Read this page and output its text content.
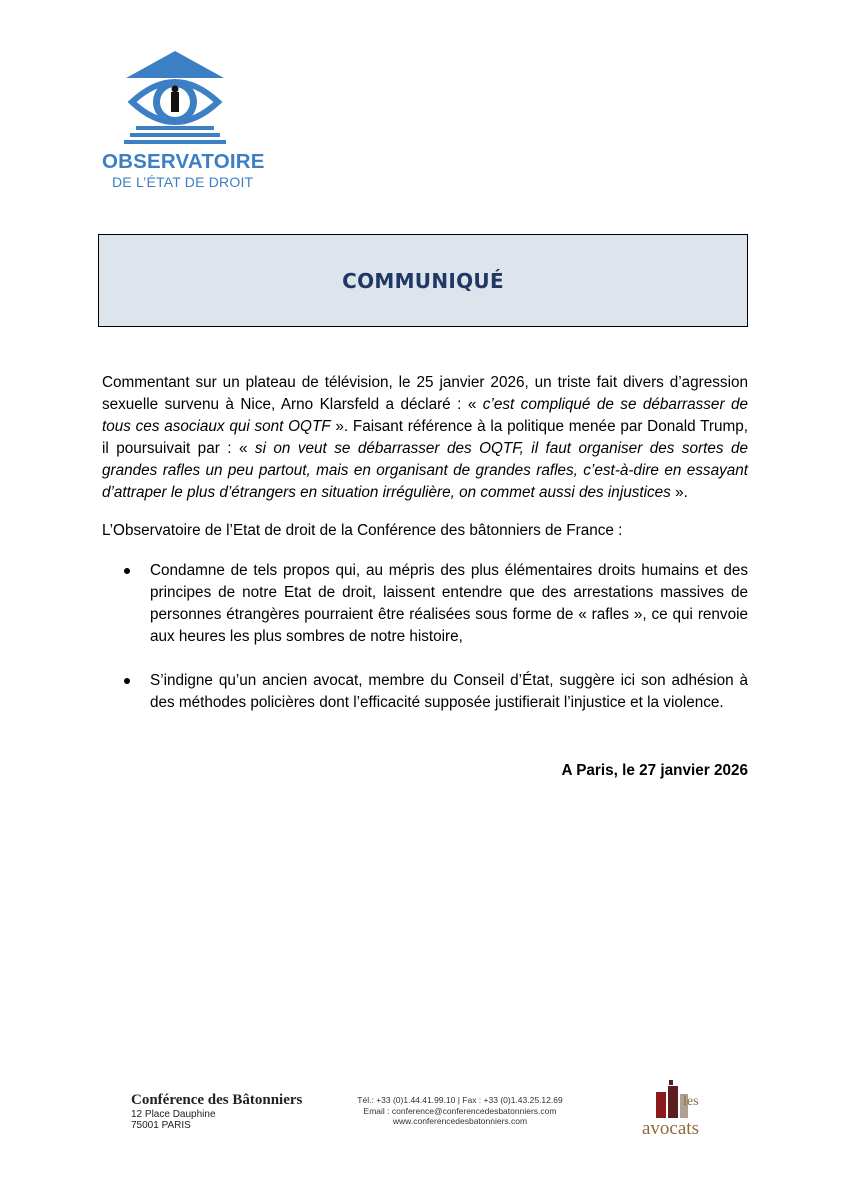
OBSERVATOIRE
DE L’ÉTAT DE DROIT
COMMUNIQUÉ

Commentant sur un plateau de télévision, le 25 janvier 2026, un triste fait divers d’agression sexuelle survenu à Nice, Arno Klarsfeld a déclaré : « c’est compliqué de se débarrasser de tous ces asociaux qui sont OQTF ». Faisant référence à la politique menée par Donald Trump, il poursuivait par : « si on veut se débarrasser des OQTF, il faut organiser des sortes de grandes rafles un peu partout, mais en organisant de grandes rafles, c’est-à-dire en essayant d’attraper le plus d’étrangers en situation irrégulière, on commet aussi des injustices ».

L’Observatoire de l’Etat de droit de la Conférence des bâtonniers de France :

Condamne de tels propos qui, au mépris des plus élémentaires droits humains et des principes de notre Etat de droit, laissent entendre que des arrestations massives de personnes étrangères pourraient être réalisées sous forme de « rafles », ce qui renvoie aux heures les plus sombres de notre histoire,
S’indigne qu’un ancien avocat, membre du Conseil d’État, suggère ici son adhésion à des méthodes policières dont l’efficacité supposée justifierait l’injustice et la violence.
A Paris, le 27 janvier 2026
Conférence des Bâtonniers
12 Place Dauphine
75001 PARIS
Tél.: +33 (0)1.44.41.99.10 | Fax : +33 (0)1.43.25.12.69
Email : conference@conferencedesbatonniers.com
www.conferencedesbatonniers.com
les
avocats
